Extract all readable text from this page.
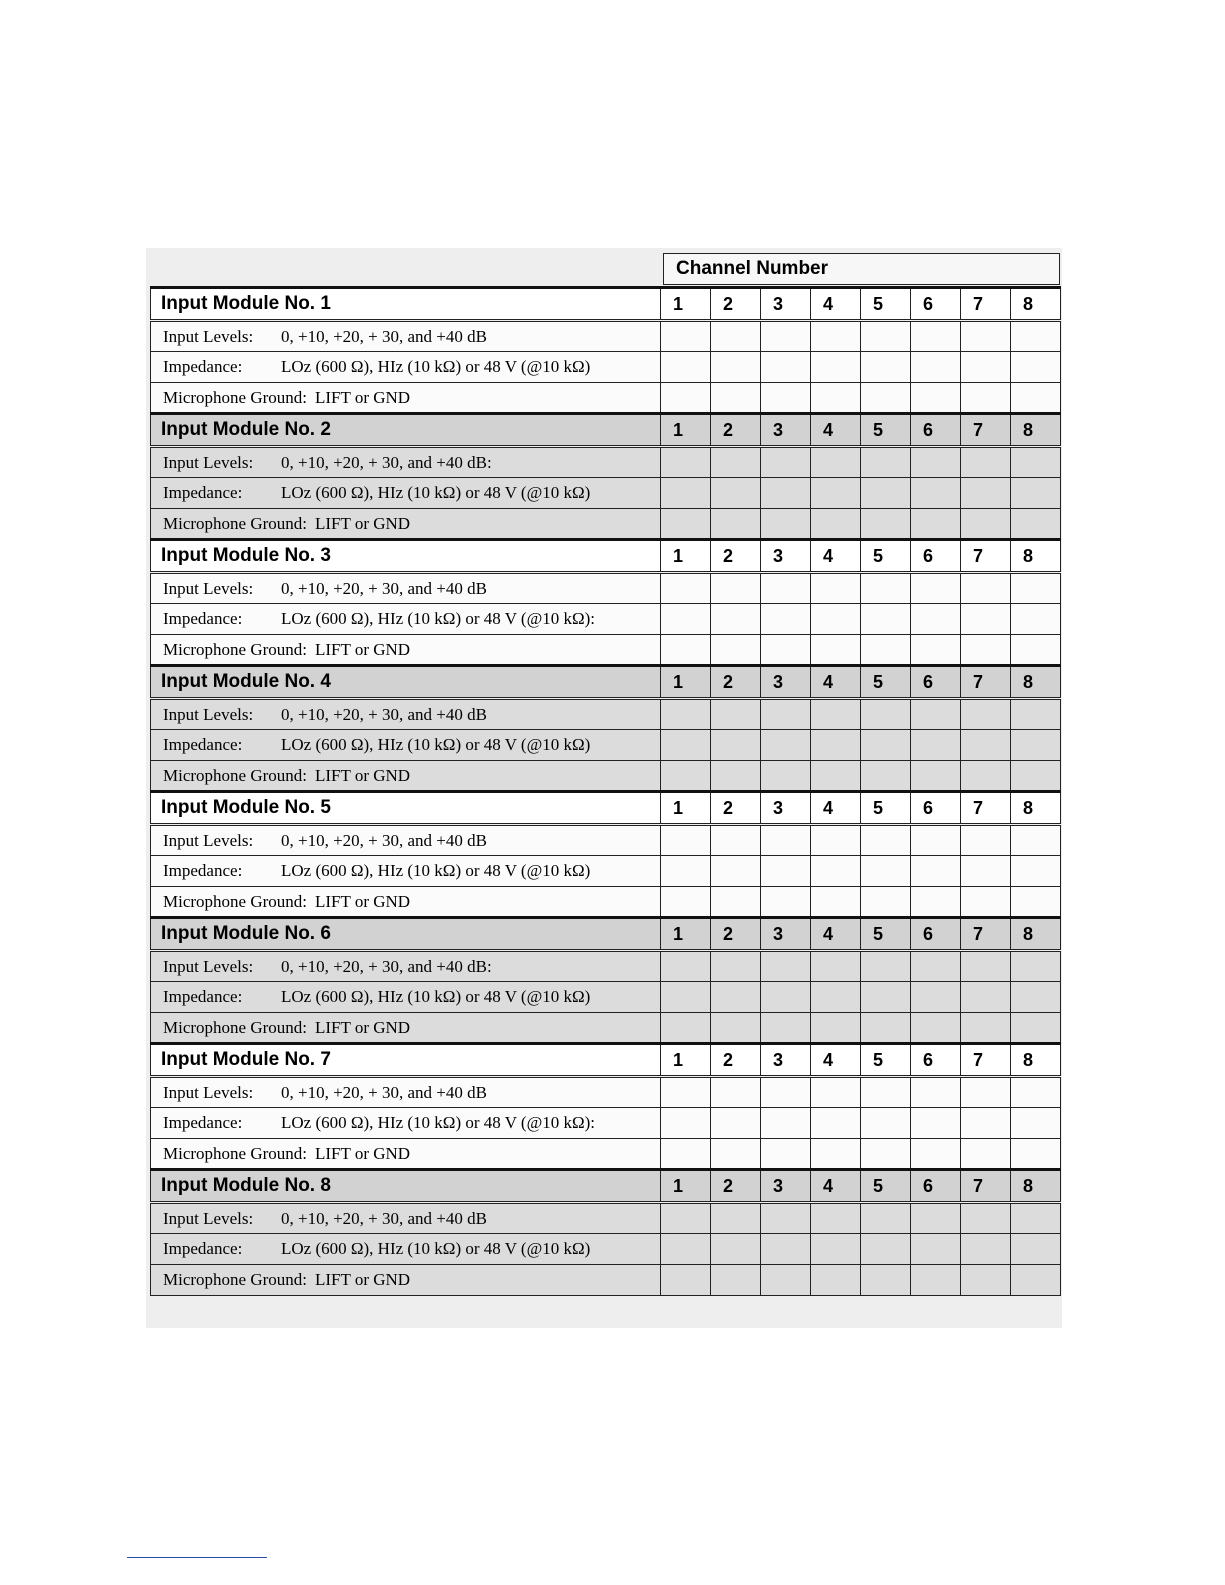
Channel Number
Input Module No. 1	1	2	3	4	5	6	7	8
Input Levels: 0, +10, +20, + 30, and +40 dB								
Impedance: LOz (600 Ω), HIz (10 kΩ) or 48 V (@10 kΩ)								
Microphone Ground: LIFT or GND								
Input Module No. 2	1	2	3	4	5	6	7	8
Input Levels: 0, +10, +20, + 30, and +40 dB:								
Impedance: LOz (600 Ω), HIz (10 kΩ) or 48 V (@10 kΩ)								
Microphone Ground: LIFT or GND								
Input Module No. 3	1	2	3	4	5	6	7	8
Input Levels: 0, +10, +20, + 30, and +40 dB								
Impedance: LOz (600 Ω), HIz (10 kΩ) or 48 V (@10 kΩ):								
Microphone Ground: LIFT or GND								
Input Module No. 4	1	2	3	4	5	6	7	8
Input Levels: 0, +10, +20, + 30, and +40 dB								
Impedance: LOz (600 Ω), HIz (10 kΩ) or 48 V (@10 kΩ)								
Microphone Ground: LIFT or GND								
Input Module No. 5	1	2	3	4	5	6	7	8
Input Levels: 0, +10, +20, + 30, and +40 dB								
Impedance: LOz (600 Ω), HIz (10 kΩ) or 48 V (@10 kΩ)								
Microphone Ground: LIFT or GND								
Input Module No. 6	1	2	3	4	5	6	7	8
Input Levels: 0, +10, +20, + 30, and +40 dB:								
Impedance: LOz (600 Ω), HIz (10 kΩ) or 48 V (@10 kΩ)								
Microphone Ground: LIFT or GND								
Input Module No. 7	1	2	3	4	5	6	7	8
Input Levels: 0, +10, +20, + 30, and +40 dB								
Impedance: LOz (600 Ω), HIz (10 kΩ) or 48 V (@10 kΩ):								
Microphone Ground: LIFT or GND								
Input Module No. 8	1	2	3	4	5	6	7	8
Input Levels: 0, +10, +20, + 30, and +40 dB								
Impedance: LOz (600 Ω), HIz (10 kΩ) or 48 V (@10 kΩ)								
Microphone Ground: LIFT or GND								
